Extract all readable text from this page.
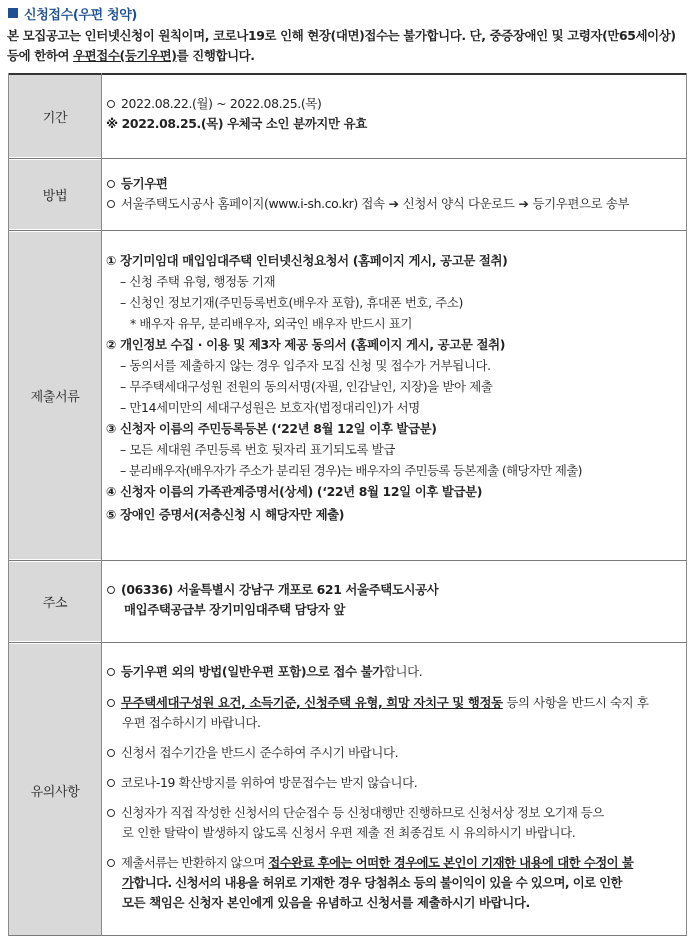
신청접수(우편 청약)
본 모집공고는 인터넷신청이 원칙이며, 코로나19로 인해 현장(대면)접수는 불가합니다. 단, 중증장애인 및 고령자(만65세이상)
등에 한하여 우편접수(등기우편)를 진행합니다.
기간
방법
제출서류
주소
유의사항
2022.08.22.(월) ~ 2022.08.25.(목)
※ 2022.08.25.(목) 우체국 소인 분까지만 유효
등기우편
서울주택도시공사 홈페이지(www.i-sh.co.kr) 접속 ➔ 신청서 양식 다운로드 ➔ 등기우편으로 송부
① 장기미임대 매입임대주택 인터넷신청요청서 (홈페이지 게시, 공고문 절취)
– 신청 주택 유형, 행정동 기재
– 신청인 정보기재(주민등록번호(배우자 포함), 휴대폰 번호, 주소)
* 배우자 유무, 분리배우자, 외국인 배우자 반드시 표기
② 개인정보 수집 · 이용 및 제3자 제공 동의서 (홈페이지 게시, 공고문 절취)
– 동의서를 제출하지 않는 경우 입주자 모집 신청 및 접수가 거부됩니다.
– 무주택세대구성원 전원의 동의서명(자필, 인감날인, 지장)을 받아 제출
– 만14세미만의 세대구성원은 보호자(법정대리인)가 서명
③ 신청자 이름의 주민등록등본 (‘22년 8월 12일 이후 발급분)
– 모든 세대원 주민등록 번호 뒷자리 표기되도록 발급
– 분리배우자(배우자가 주소가 분리된 경우)는 배우자의 주민등록 등본제출 (해당자만 제출)
④ 신청자 이름의 가족관계증명서(상세) (‘22년 8월 12일 이후 발급분)
⑤ 장애인 증명서(저층신청 시 해당자만 제출)
(06336) 서울특별시 강남구 개포로 621 서울주택도시공사
매입주택공급부 장기미임대주택 담당자 앞
등기우편 외의 방법(일반우편 포함)으로 접수 불가합니다.
무주택세대구성원 요건, 소득기준, 신청주택 유형, 희망 자치구 및 행정동 등의 사항을 반드시 숙지 후
우편 접수하시기 바랍니다.
신청서 접수기간을 반드시 준수하여 주시기 바랍니다.
코로나-19 확산방지를 위하여 방문접수는 받지 않습니다.
신청자가 직접 작성한 신청서의 단순접수 등 신청대행만 진행하므로 신청서상 정보 오기재 등으
로 인한 탈락이 발생하지 않도록 신청서 우편 제출 전 최종검토 시 유의하시기 바랍니다.
제출서류는 반환하지 않으며 접수완료 후에는 어떠한 경우에도 본인이 기재한 내용에 대한 수정이 불
가합니다. 신청서의 내용을 허위로 기재한 경우 당첨취소 등의 불이익이 있을 수 있으며, 이로 인한
모든 책임은 신청자 본인에게 있음을 유념하고 신청서를 제출하시기 바랍니다.
